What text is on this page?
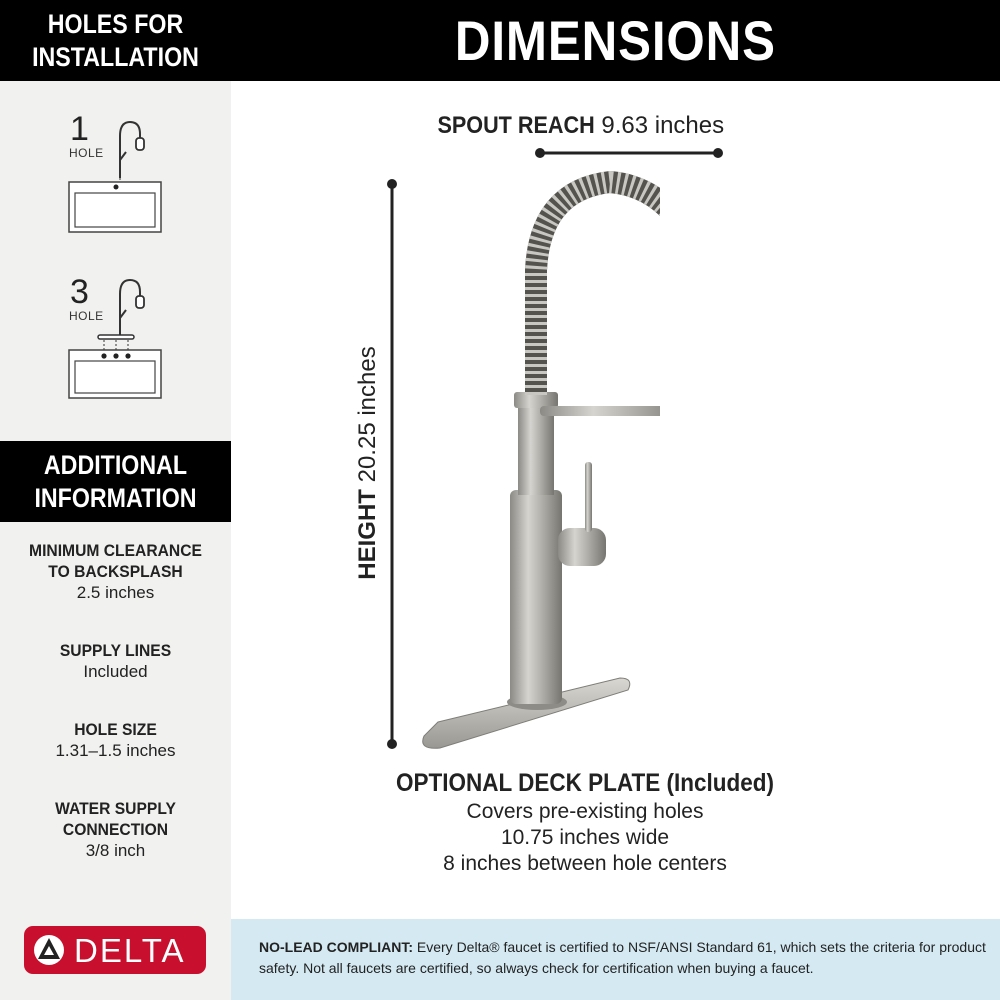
HOLES FOR
INSTALLATION
1
HOLE
3
HOLE
ADDITIONAL
INFORMATION
MINIMUM CLEARANCE
TO BACKSPLASH
2.5 inches
SUPPLY LINES
Included
HOLE SIZE
1.31–1.5 inches
WATER SUPPLY
CONNECTION
3/8 inch
DELTA
DIMENSIONS
SPOUT REACH 9.63 inches
HEIGHT 20.25 inches
OPTIONAL DECK PLATE (Included)
Covers pre-existing holes
10.75 inches wide
8 inches between hole centers
NO-LEAD COMPLIANT: Every Delta® faucet is certified to NSF/ANSI Standard 61, which sets the criteria for product safety. Not all faucets are certified, so always check for certification when buying a faucet.
